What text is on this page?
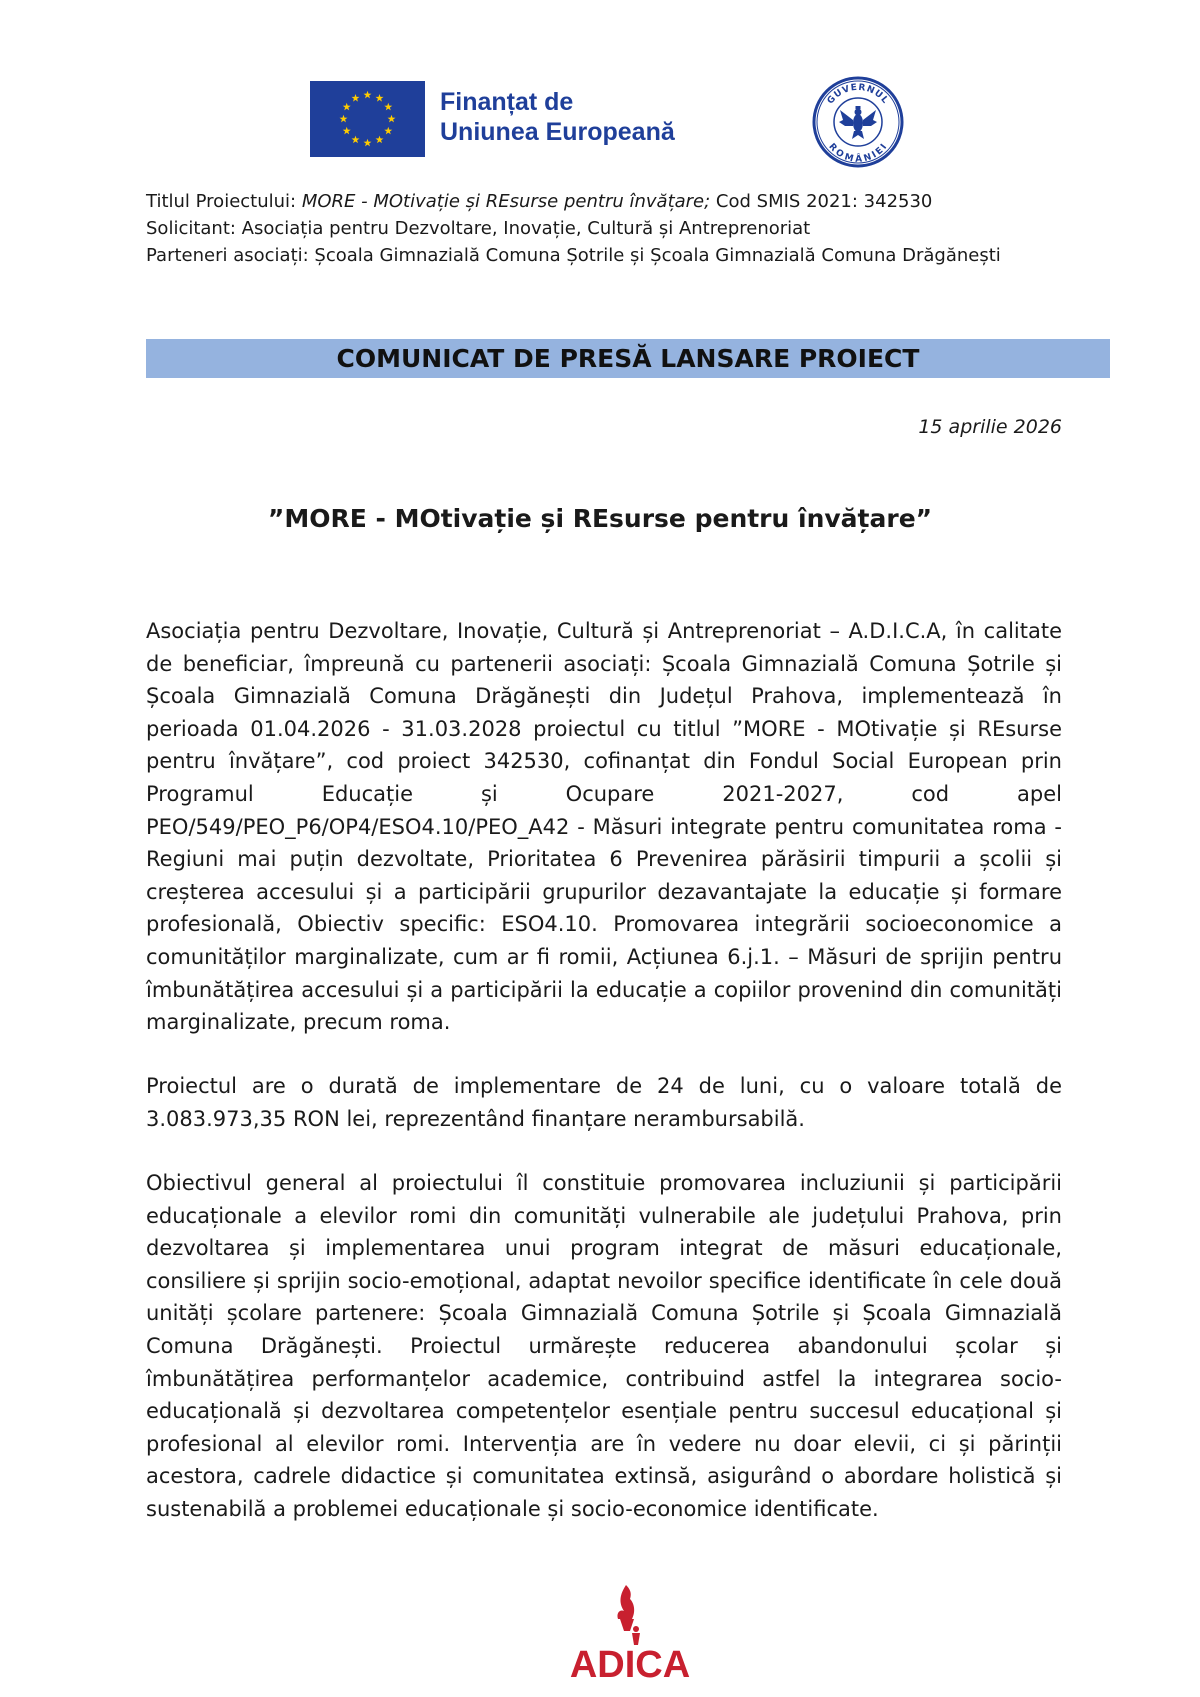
Finanțat de
Uniunea Europeană
GUVERNUL
ROMÂNIEI
Titlul Proiectului: MORE - MOtivație și REsurse pentru învățare; Cod SMIS 2021: 342530
Solicitant: Asociația pentru Dezvoltare, Inovație, Cultură și Antreprenoriat
Parteneri asociați: Școala Gimnazială Comuna Șotrile și Școala Gimnazială Comuna Drăgănești
COMUNICAT DE PRESĂ LANSARE PROIECT
15 aprilie 2026
”MORE - MOtivație și REsurse pentru învățare”

Asociația pentru Dezvoltare, Inovație, Cultură și Antreprenoriat – A.D.I.C.A, în calitate de beneficiar, împreună cu partenerii asociați: Școala Gimnazială Comuna Șotrile și Școala Gimnazială Comuna Drăgănești din Județul Prahova, implementează în perioada 01.04.2026 - 31.03.2028 proiectul cu titlul ”MORE - MOtivație și REsurse pentru învățare”, cod proiect 342530, cofinanțat din Fondul Social European prin Programul Educație și Ocupare 2021-2027, cod apel PEO/549/PEO_P6/OP4/ESO4.10/PEO_A42 - Măsuri integrate pentru comunitatea roma - Regiuni mai puțin dezvoltate, Prioritatea 6 Prevenirea părăsirii timpurii a școlii și creșterea accesului și a participării grupurilor dezavantajate la educație și formare profesională, Obiectiv specific: ESO4.10. Promovarea integrării socioeconomice a comunităților marginalizate, cum ar fi romii, Acțiunea 6.j.1. – Măsuri de sprijin pentru îmbunătățirea accesului și a participării la educație a copiilor provenind din comunități marginalizate, precum roma.

Proiectul are o durată de implementare de 24 de luni, cu o valoare totală de 3.083.973,35 RON lei, reprezentând finanțare nerambursabilă.

Obiectivul general al proiectului îl constituie promovarea incluziunii și participării educaționale a elevilor romi din comunități vulnerabile ale județului Prahova, prin dezvoltarea și implementarea unui program integrat de măsuri educaționale, consiliere și sprijin socio-emoțional, adaptat nevoilor specifice identificate în cele două unități școlare partenere: Școala Gimnazială Comuna Șotrile și Școala Gimnazială Comuna Drăgănești. Proiectul urmărește reducerea abandonului școlar și îmbunătățirea performanțelor academice, contribuind astfel la integrarea socio-educațională și dezvoltarea competențelor esențiale pentru succesul educațional și profesional al elevilor romi. Intervenția are în vedere nu doar elevii, ci și părinții acestora, cadrele didactice și comunitatea extinsă, asigurând o abordare holistică și sustenabilă a problemei educaționale și socio-economice identificate.

ADICA
